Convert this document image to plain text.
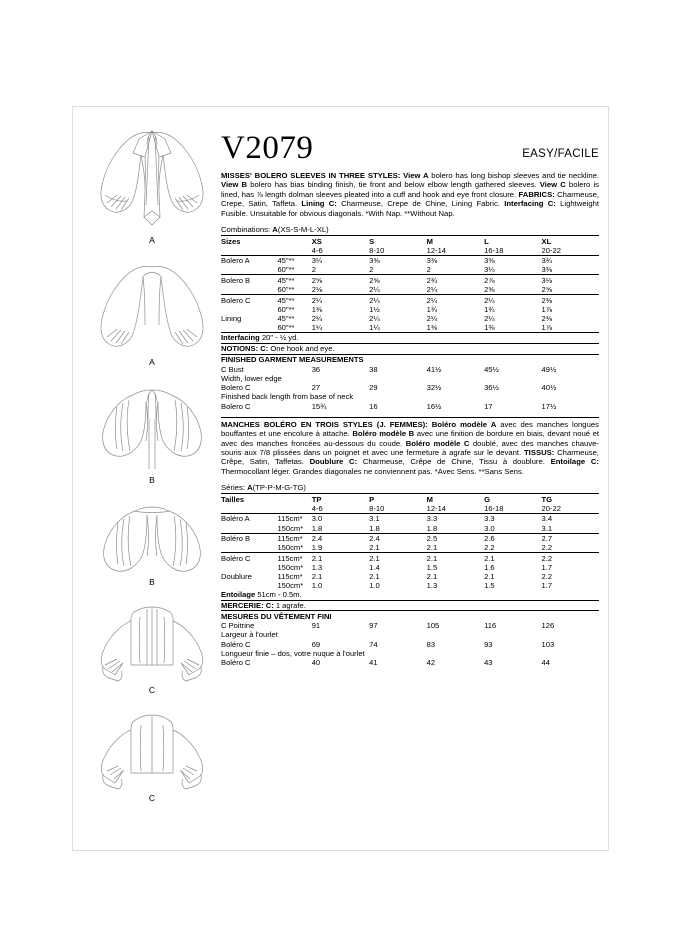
A
A
B
B
C
C
V2079	EASY/FACILE
MISSES' BOLERO SLEEVES IN THREE STYLES: View A bolero has long bishop sleeves and tie neckline. View B bolero has bias binding finish, tie front and below elbow length gathered sleeves. View C bolero is lined, has ⅞ length dolman sleeves pleated into a cuff and hook and eye front closure. FABRICS: Charmeuse, Crepe, Satin, Taffeta. Lining C: Charmeuse, Crepe de Chine, Lining Fabric. Interfacing C: Lightweight Fusible. Unsuitable for obvious diagonals. *With Nap. **Without Nap.
Combinations: A(XS-S-M-L-XL)
Sizes		XS	S	M	L	XL
		4-6	8-10	12-14	16-18	20-22
Bolero A	45"**	3¼	3⅜	3⅜	3⅜	3¾
	60"**	2	2	2	3¼	3⅜
Bolero B	45"**	2⅝	2⅝	2¾	2⅞	3⅛
	60"**	2⅛	2¼	2¼	2⅝	2⅝
Bolero C	45"**	2¼	2¼	2¼	2¼	2⅜
	60"**	1⅜	1½	1¾	1¾	1⅞
Lining	45"**	2¼	2¼	2¼	2¼	2⅜
	60"**	1¼	1¼	1⅜	1⅜	1⅞
Interfacing 20" - ½ yd.
NOTIONS: C: One hook and eye.
FINISHED GARMENT MEASUREMENTS
C Bust		36	38	41½	45½	49½
Width, lower edge						
Bolero C		27	29	32½	36½	40½
Finished back length from base of neck						
Bolero C		15¾	16	16½	17	17½
MANCHES BOLÉRO EN TROIS STYLES (J. FEMMES): Boléro modèle A avec des manches longues bouffantes et une encolure à attache. Boléro modèle B avec une finition de bordure en biais, devant noué et avec des manches froncées au-dessous du coude. Boléro modèle C doublé, avec des manches chauve-souris aux 7/8 plissées dans un poignet et avec une fermeture à agrafe sur le devant. TISSUS: Charmeuse, Crêpe, Satin, Taffetas. Doublure C: Charmeuse, Crêpe de Chine, Tissu à doublure. Entoilage C: Thermocollant léger. Grandes diagonales ne conviennent pas. *Avec Sens. **Sans Sens.
Séries: A(TP-P-M-G-TG)
Tailles		TP	P	M	G	TG
		4-6	8-10	12-14	16-18	20-22
Boléro A	115cm*	3.0	3.1	3.3	3.3	3.4
	150cm*	1.8	1.8	1.8	3.0	3.1
Boléro B	115cm*	2.4	2.4	2.5	2.6	2.7
	150cm*	1.9	2.1	2.1	2.2	2.2
Boléro C	115cm*	2.1	2.1	2.1	2.1	2.2
	150cm*	1.3	1.4	1.5	1.6	1.7
Doublure	115cm*	2.1	2.1	2.1	2.1	2.2
	150cm*	1.0	1.0	1.3	1.5	1.7
Entoilage 51cm - 0.5m.
MERCERIE: C: 1 agrafe.
MESURES DU VÊTEMENT FINI
C Poitrine		91	97	105	116	126
Largeur à l'ourlet						
Boléro C		69	74	83	93	103
Longueur finie – dos, votre nuque à l'ourlet						
Boléro C		40	41	42	43	44
